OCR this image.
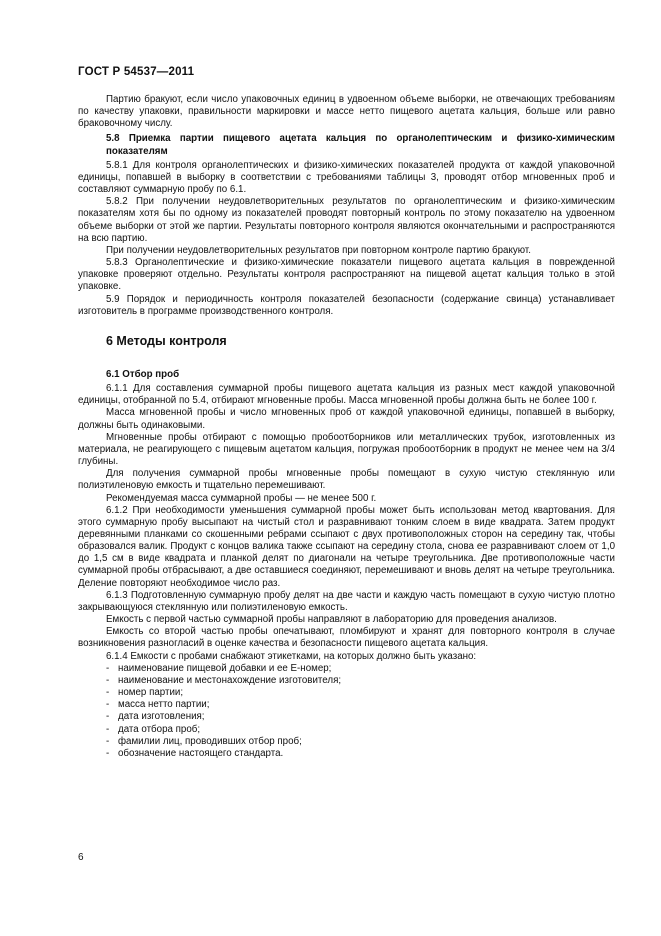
ГОСТ Р 54537—2011

Партию бракуют, если число упаковочных единиц в удвоенном объеме выборки, не отвечающих требованиям по качеству упаковки, правильности маркировки и массе нетто пищевого ацетата кальция, больше или равно браковочному числу.

5.8 Приемка партии пищевого ацетата кальция по органолептическим и физико-химическим показателям

5.8.1 Для контроля органолептических и физико-химических показателей продукта от каждой упаковочной единицы, попавшей в выборку в соответствии с требованиями таблицы 3, проводят отбор мгновенных проб и составляют суммарную пробу по 6.1.

5.8.2 При получении неудовлетворительных результатов по органолептическим и физико-химическим показателям хотя бы по одному из показателей проводят повторный контроль по этому показателю на удвоенном объеме выборки от этой же партии. Результаты повторного контроля являются окончательными и распространяются на всю партию.

При получении неудовлетворительных результатов при повторном контроле партию бракуют.

5.8.3 Органолептические и физико-химические показатели пищевого ацетата кальция в поврежденной упаковке проверяют отдельно. Результаты контроля распространяют на пищевой ацетат кальция только в этой упаковке.

5.9 Порядок и периодичность контроля показателей безопасности (содержание свинца) устанавливает изготовитель в программе производственного контроля.

6 Методы контроля

6.1 Отбор проб

6.1.1 Для составления суммарной пробы пищевого ацетата кальция из разных мест каждой упаковочной единицы, отобранной по 5.4, отбирают мгновенные пробы. Масса мгновенной пробы должна быть не более 100 г.

Масса мгновенной пробы и число мгновенных проб от каждой упаковочной единицы, попавшей в выборку, должны быть одинаковыми.

Мгновенные пробы отбирают с помощью пробоотборников или металлических трубок, изготовленных из материала, не реагирующего с пищевым ацетатом кальция, погружая пробоотборник в продукт не менее чем на 3/4 глубины.

Для получения суммарной пробы мгновенные пробы помещают в сухую чистую стеклянную или полиэтиленовую емкость и тщательно перемешивают.

Рекомендуемая масса суммарной пробы — не менее 500 г.

6.1.2 При необходимости уменьшения суммарной пробы может быть использован метод квартования. Для этого суммарную пробу высыпают на чистый стол и разравнивают тонким слоем в виде квадрата. Затем продукт деревянными планками со скошенными ребрами ссыпают с двух противоположных сторон на середину так, чтобы образовался валик. Продукт с концов валика также ссыпают на середину стола, снова ее разравнивают слоем от 1,0 до 1,5 см в виде квадрата и планкой делят по диагонали на четыре треугольника. Две противоположные части суммарной пробы отбрасывают, а две оставшиеся соединяют, перемешивают и вновь делят на четыре треугольника. Деление повторяют необходимое число раз.

6.1.3 Подготовленную суммарную пробу делят на две части и каждую часть помещают в сухую чистую плотно закрывающуюся стеклянную или полиэтиленовую емкость.

Емкость с первой частью суммарной пробы направляют в лабораторию для проведения анализов.

Емкость со второй частью пробы опечатывают, пломбируют и хранят для повторного контроля в случае возникновения разногласий в оценке качества и безопасности пищевого ацетата кальция.

6.1.4 Емкости с пробами снабжают этикетками, на которых должно быть указано:

- наименование пищевой добавки и ее Е-номер;

- наименование и местонахождение изготовителя;

- номер партии;

- масса нетто партии;

- дата изготовления;

- дата отбора проб;

- фамилии лиц, проводивших отбор проб;

- обозначение настоящего стандарта.

6
